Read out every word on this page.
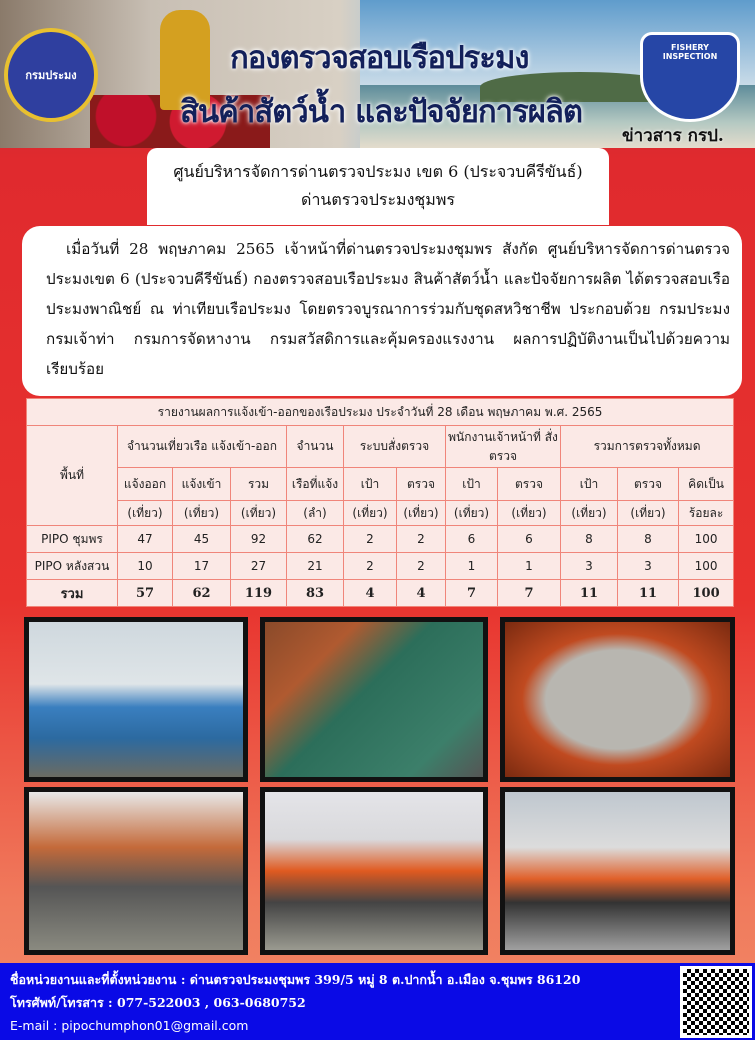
กรมประมง
FISHERY INSPECTION
กองตรวจสอบเรือประมง
สินค้าสัตว์น้ำ และปัจจัยการผลิต
ข่าวสาร กรป.
ศูนย์บริหารจัดการด่านตรวจประมง เขต 6 (ประจวบคีรีขันธ์)
ด่านตรวจประมงชุมพร
เมื่อวันที่ 28 พฤษภาคม 2565 เจ้าหน้าที่ด่านตรวจประมงชุมพร สังกัด ศูนย์บริหารจัดการด่านตรวจประมงเขต 6 (ประจวบคีรีขันธ์) กองตรวจสอบเรือประมง สินค้าสัตว์น้ำ และปัจจัยการผลิต ได้ตรวจสอบเรือประมงพาณิชย์ ณ ท่าเทียบเรือประมง โดยตรวจบูรณาการร่วมกับชุดสหวิชาชีพ ประกอบด้วย กรมประมง กรมเจ้าท่า กรมการจัดหางาน กรมสวัสดิการและคุ้มครองแรงงาน ผลการปฏิบัติงานเป็นไปด้วยความเรียบร้อย
รายงานผลการแจ้งเข้า-ออกของเรือประมง ประจำวันที่ 28 เดือน พฤษภาคม พ.ศ. 2565											
พื้นที่	จำนวนเที่ยวเรือ แจ้งเข้า-ออก			จำนวน	ระบบสั่งตรวจ		พนักงานเจ้าหน้าที่ สั่งตรวจ		รวมการตรวจทั้งหมด		
	แจ้งออก	แจ้งเข้า	รวม	เรือที่แจ้ง	เป้า	ตรวจ	เป้า	ตรวจ	เป้า	ตรวจ	คิดเป็น
	(เที่ยว)	(เที่ยว)	(เที่ยว)	(ลำ)	(เที่ยว)	(เที่ยว)	(เที่ยว)	(เที่ยว)	(เที่ยว)	(เที่ยว)	ร้อยละ
PIPO ชุมพร	47	45	92	62	2	2	6	6	8	8	100
PIPO หลังสวน	10	17	27	21	2	2	1	1	3	3	100
รวม	57	62	119	83	4	4	7	7	11	11	100
ชื่อหน่วยงานและที่ตั้งหน่วยงาน : ด่านตรวจประมงชุมพร 399/5 หมู่ 8 ต.ปากน้ำ อ.เมือง จ.ชุมพร 86120
โทรศัพท์/โทรสาร : 077-522003 , 063-0680752
E-mail : pipochumphon01@gmail.com
